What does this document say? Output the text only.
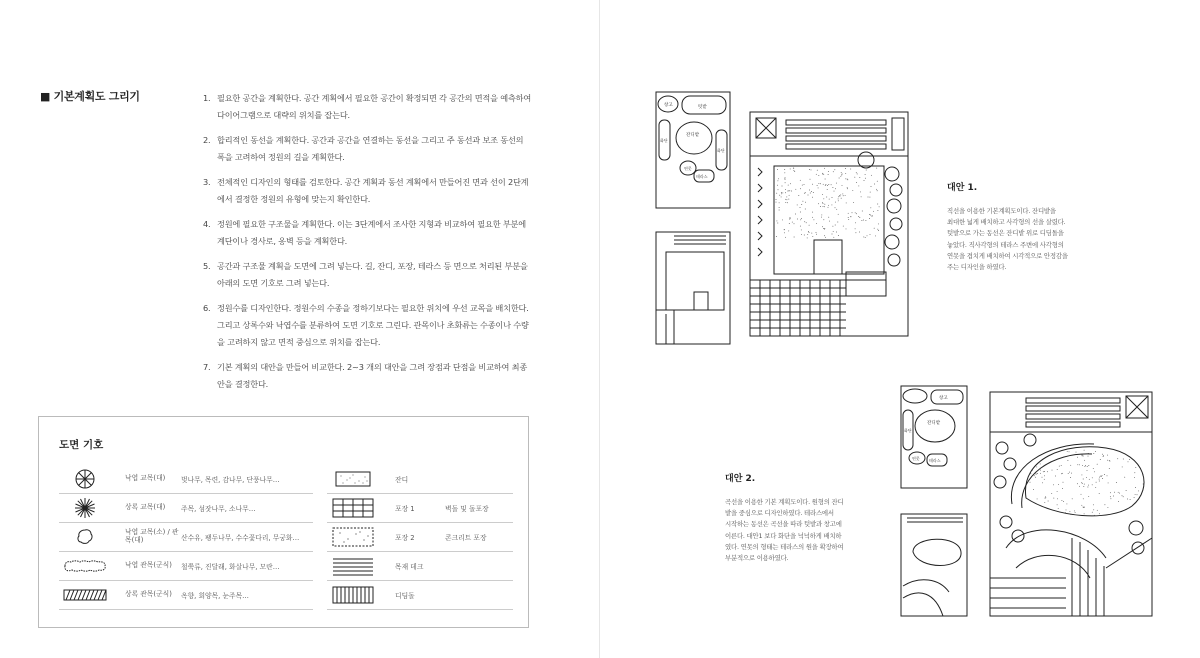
■ 기본계획도 그리기	1. 필요한 공간을 계획한다. 공간 계획에서 필요한 공간이 확정되면 각 공간의 면적을 예측하여 다이어그램으로 대략의 위치를 잡는다.
2. 합리적인 동선을 계획한다. 공간과 공간을 연결하는 동선을 그리고 주 동선과 보조 동선의 폭을 고려하여 정원의 길을 계획한다.
3. 전체적인 디자인의 형태를 검토한다. 공간 계획과 동선 계획에서 만들어진 면과 선이 2단계에서 결정한 정원의 유형에 맞는지 확인한다.
4. 정원에 필요한 구조물을 계획한다. 이는 3단계에서 조사한 지형과 비교하여 필요한 부분에 계단이나 경사로, 옹벽 등을 계획한다.
5. 공간과 구조물 계획을 도면에 그려 넣는다. 길, 잔디, 포장, 테라스 등 면으로 처리된 부분을 아래의 도면 기호로 그려 넣는다.
6. 정원수를 디자인한다. 정원수의 수종을 정하기보다는 필요한 위치에 우선 교목을 배치한다. 그리고 상록수와 낙엽수를 분류하여 도면 기호로 그린다. 관목이나 초화류는 수종이나 수량을 고려하지 않고 면적 중심으로 위치를 잡는다.
7. 기본 계획의 대안을 만들어 비교한다. 2~3 개의 대안을 그려 장점과 단점을 비교하여 최종 안을 결정한다.
도면 기호
낙엽 교목(대)	벚나무, 목련, 감나무, 단풍나무…
상록 교목(대)	주목, 섬잣나무, 소나무…
낙엽 교목(소) / 관목(대)	산수유, 팽두나무, 수수꽃다리, 무궁화…
낙엽 관목(군식)	철쭉류, 진달래, 화살나무, 모란…
상록 관목(군식)	옥향, 회양목, 눈주목…
잔디
포장 1	벽돌 및 돌포장
포장 2	콘크리트 포장
목재 데크
디딤돌
창고	텃밭
잔디밭
화단
화단
연못
테라스
대안 1.
직선을 이용한 기본계획도이다. 잔디밭을
최대한 넓게 배치하고 사각형의 선을 살렸다.
텃밭으로 가는 동선은 잔디밭 위로 디딤돌을
놓았다. 직사각형의 테라스 주변에 사각형의
연못을 겹치게 배치하여 시각적으로 안정감을
주는 디자인을 하였다.
창고
잔디밭
화단
연못 테라스
대안 2.
곡선을 이용한 기본 계획도이다. 원형의 잔디
밭을 중심으로 디자인하였다. 테라스에서
시작하는 동선은 곡선을 따라 텃밭과 창고에
이른다. 대안1 보다 화단을 넉넉하게 배치하
였다. 연못의 형태는 테라스의 원을 확장하여
부분적으로 이용하였다.
